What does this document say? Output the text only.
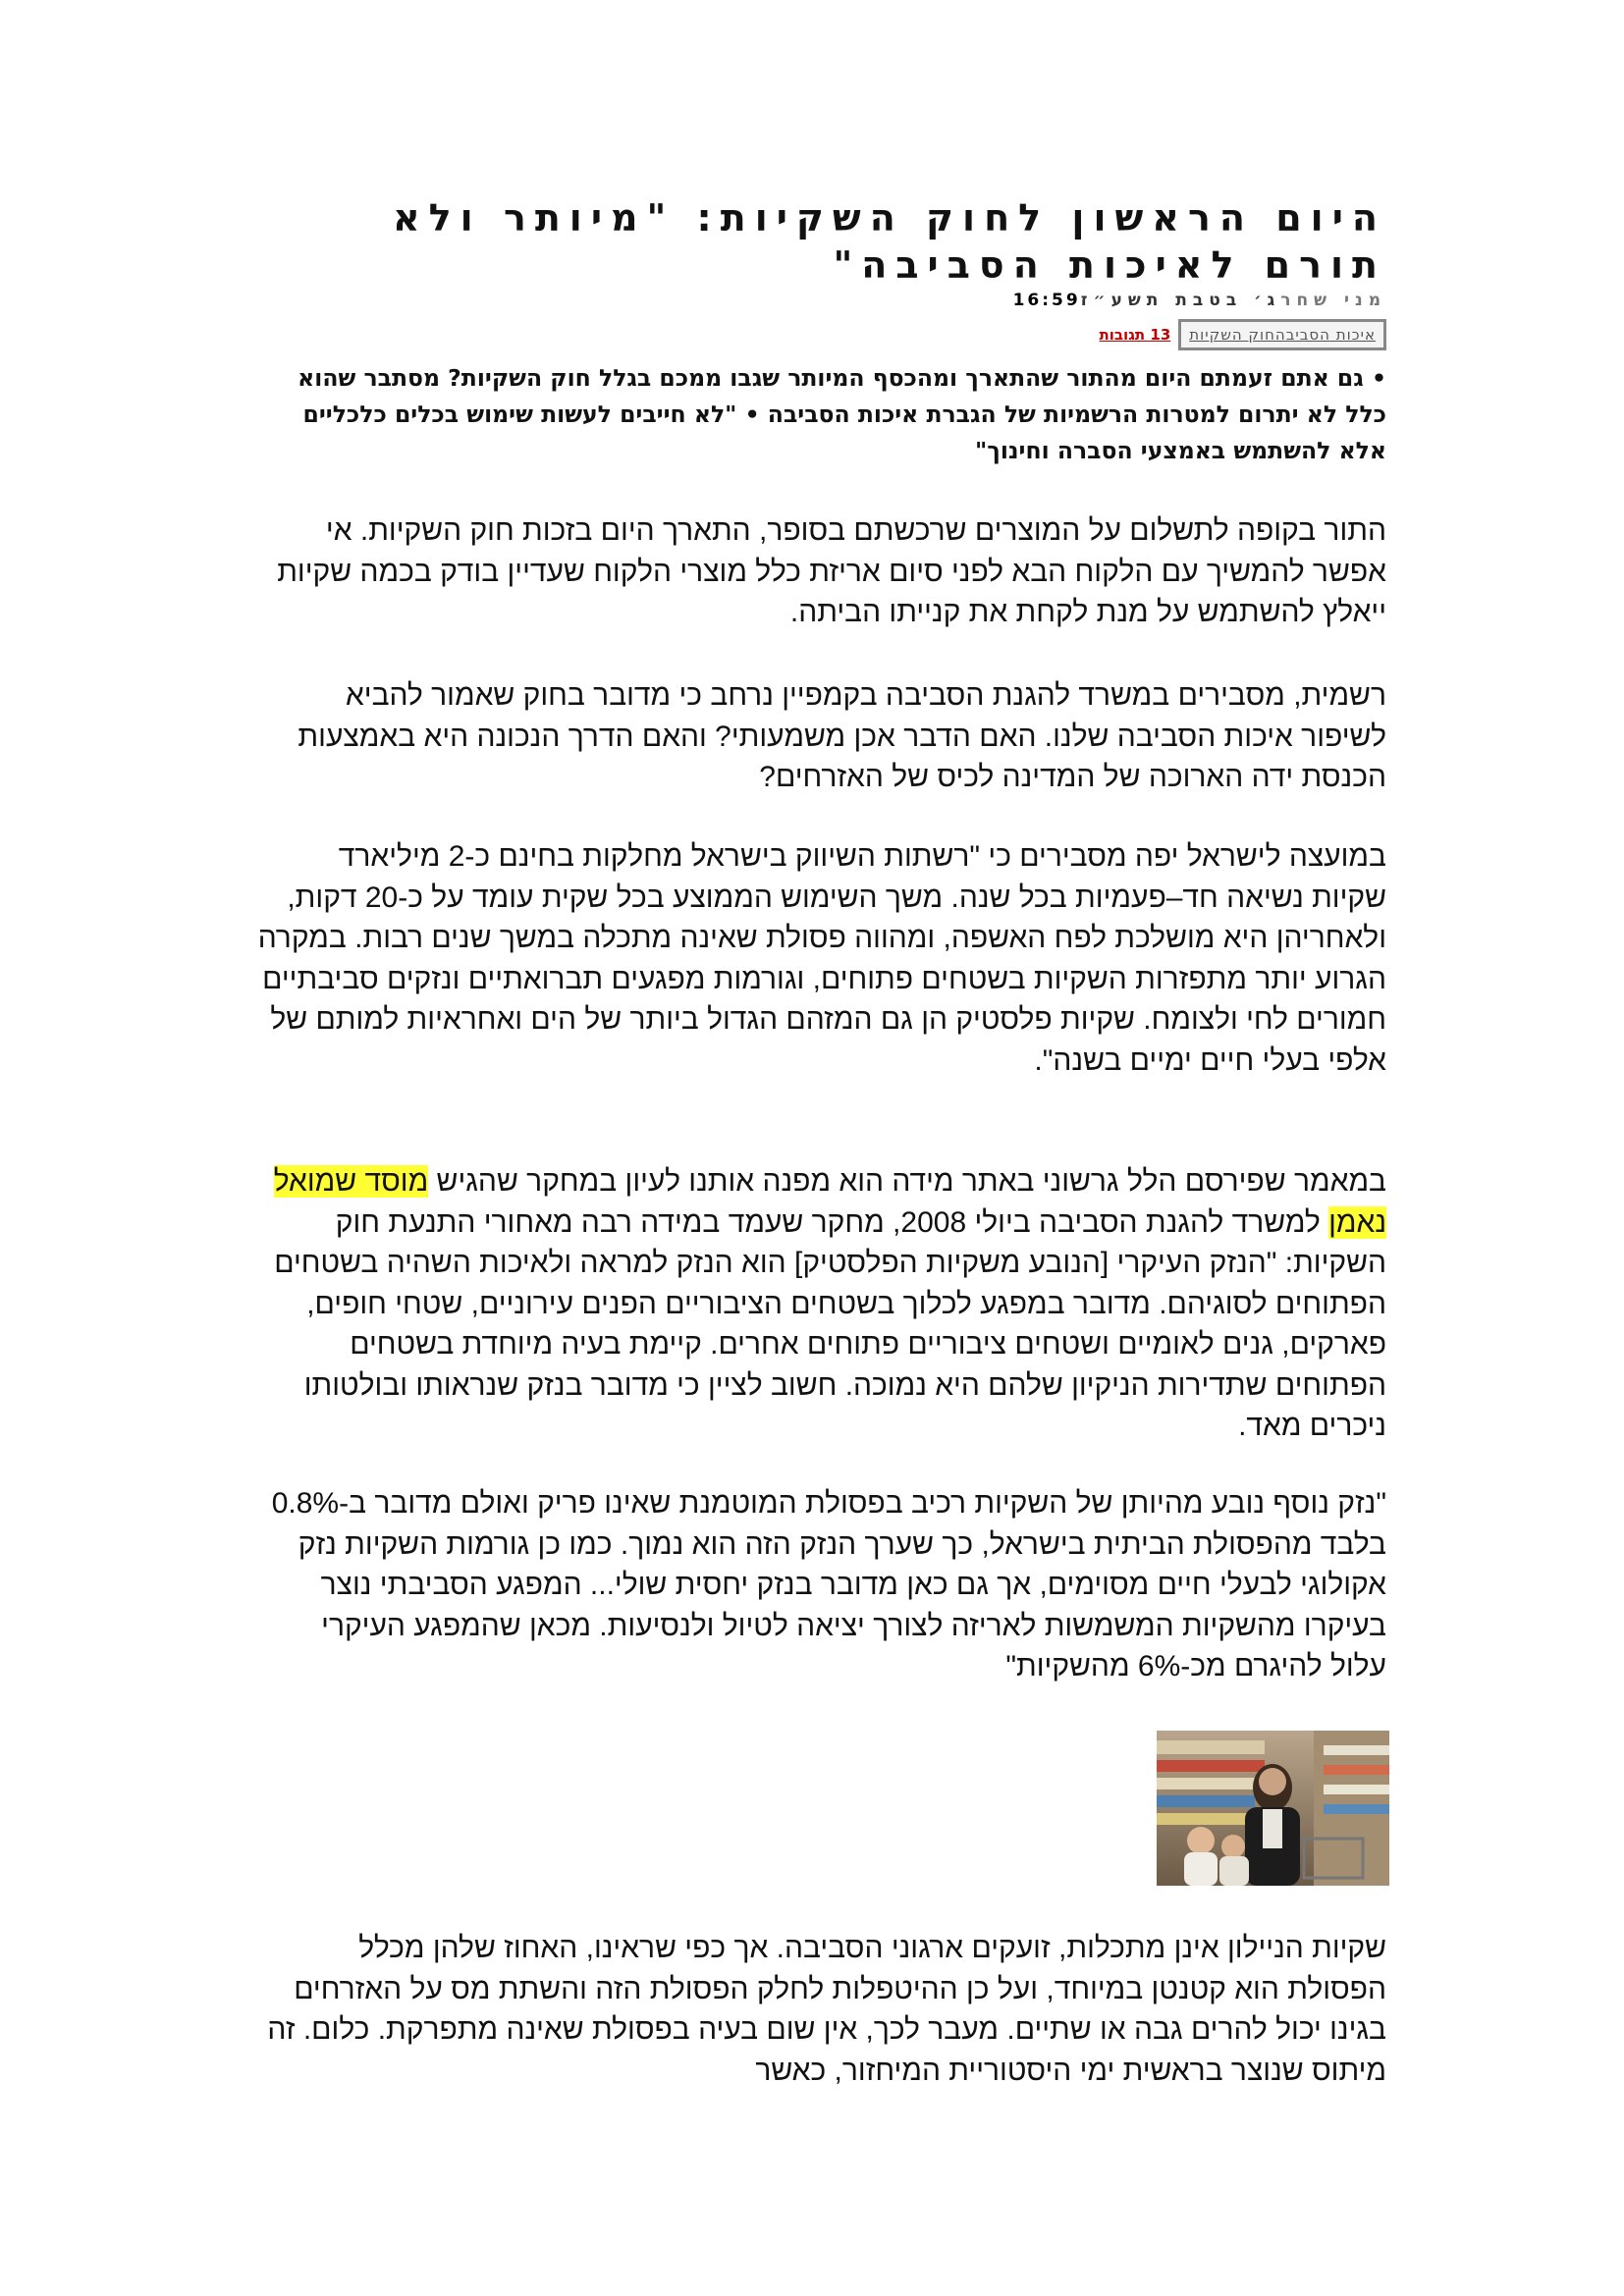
היום הראשון לחוק השקיות: "מיותר ולא תורם לאיכות הסביבה"
מני שחרג׳ בטבת תשע״ז16:59
איכות הסביבהחוק השקיות
13 תגובות

• גם אתם זעמתם היום מהתור שהתארך ומהכסף המיותר שגבו ממכם בגלל חוק השקיות? מסתבר שהוא כלל לא יתרום למטרות הרשמיות של הגברת איכות הסביבה • "לא חייבים לעשות שימוש בכלים כלכליים אלא להשתמש באמצעי הסברה וחינוך"

התור בקופה לתשלום על המוצרים שרכשתם בסופר, התארך היום בזכות חוק השקיות. אי אפשר להמשיך עם הלקוח הבא לפני סיום אריזת כלל מוצרי הלקוח שעדיין בודק בכמה שקיות ייאלץ להשתמש על מנת לקחת את קנייתו הביתה.

רשמית, מסבירים במשרד להגנת הסביבה בקמפיין נרחב כי מדובר בחוק שאמור להביא לשיפור איכות הסביבה שלנו. האם הדבר אכן משמעותי? והאם הדרך הנכונה היא באמצעות הכנסת ידה הארוכה של המדינה לכיס של האזרחים?

במועצה לישראל יפה מסבירים כי "רשתות השיווק בישראל מחלקות בחינם כ-2 מיליארד שקיות נשיאה חד–פעמיות בכל שנה. משך השימוש הממוצע בכל שקית עומד על כ-20 דקות, ולאחריהן היא מושלכת לפח האשפה, ומהווה פסולת שאינה מתכלה במשך שנים רבות. במקרה הגרוע יותר מתפזרות השקיות בשטחים פתוחים, וגורמות מפגעים תברואתיים ונזקים סביבתיים חמורים לחי ולצומח. שקיות פלסטיק הן גם המזהם הגדול ביותר של הים ואחראיות למותם של אלפי בעלי חיים ימיים בשנה".

במאמר שפירסם הלל גרשוני באתר מידה הוא מפנה אותנו לעיון במחקר שהגיש מוסד שמואל נאמן למשרד להגנת הסביבה ביולי 2008, מחקר שעמד במידה רבה מאחורי התנעת חוק השקיות: "הנזק העיקרי [הנובע משקיות הפלסטיק] הוא הנזק למראה ולאיכות השהיה בשטחים הפתוחים לסוגיהם. מדובר במפגע לכלוך בשטחים הציבוריים הפנים עירוניים, שטחי חופים, פארקים, גנים לאומיים ושטחים ציבוריים פתוחים אחרים. קיימת בעיה מיוחדת בשטחים הפתוחים שתדירות הניקיון שלהם היא נמוכה. חשוב לציין כי מדובר בנזק שנראותו ובולטותו ניכרים מאד.

"נזק נוסף נובע מהיותן של השקיות רכיב בפסולת המוטמנת שאינו פריק ואולם מדובר ב-0.8% בלבד מהפסולת הביתית בישראל, כך שערך הנזק הזה הוא נמוך. כמו כן גורמות השקיות נזק אקולוגי לבעלי חיים מסוימים, אך גם כאן מדובר בנזק יחסית שולי... המפגע הסביבתי נוצר בעיקרו מהשקיות המשמשות לאריזה לצורך יציאה לטיול ולנסיעות. מכאן שהמפגע העיקרי עלול להיגרם מכ-6% מהשקיות"

שקיות הניילון אינן מתכלות, זועקים ארגוני הסביבה. אך כפי שראינו, האחוז שלהן מכלל הפסולת הוא קטנטן במיוחד, ועל כן ההיטפלות לחלק הפסולת הזה והשתת מס על האזרחים בגינו יכול להרים גבה או שתיים. מעבר לכך, אין שום בעיה בפסולת שאינה מתפרקת. כלום. זה מיתוס שנוצר בראשית ימי היסטוריית המיחזור, כאשר
